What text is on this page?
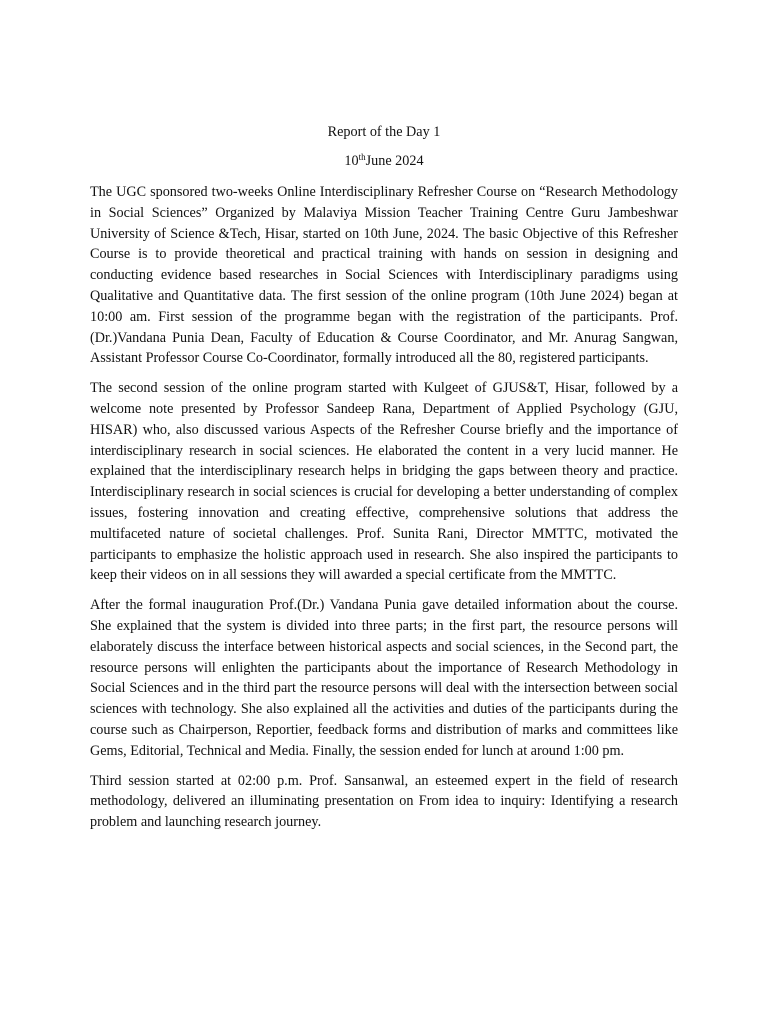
Report of the Day 1

10thJune 2024

The UGC sponsored two-weeks Online Interdisciplinary Refresher Course on “Research Methodology in Social Sciences” Organized by Malaviya Mission Teacher Training Centre Guru Jambeshwar University of Science &Tech, Hisar, started on 10th June, 2024. The basic Objective of this Refresher Course is to provide theoretical and practical training with hands on session in designing and conducting evidence based researches in Social Sciences with Interdisciplinary paradigms using Qualitative and Quantitative data. The first session of the online program (10th June 2024) began at 10:00 am. First session of the programme began with the registration of the participants. Prof. (Dr.)Vandana Punia Dean, Faculty of Education & Course Coordinator, and Mr. Anurag Sangwan, Assistant Professor Course Co-Coordinator, formally introduced all the 80, registered participants.

The second session of the online program started with Kulgeet of GJUS&T, Hisar, followed by a welcome note presented by Professor Sandeep Rana, Department of Applied Psychology (GJU, HISAR) who, also discussed various Aspects of the Refresher Course briefly and the importance of interdisciplinary research in social sciences. He elaborated the content in a very lucid manner. He explained that the interdisciplinary research helps in bridging the gaps between theory and practice. Interdisciplinary research in social sciences is crucial for developing a better understanding of complex issues, fostering innovation and creating effective, comprehensive solutions that address the multifaceted nature of societal challenges. Prof. Sunita Rani, Director MMTTC, motivated the participants to emphasize the holistic approach used in research. She also inspired the participants to keep their videos on in all sessions they will awarded a special certificate from the MMTTC.

After the formal inauguration Prof.(Dr.) Vandana Punia gave detailed information about the course. She explained that the system is divided into three parts; in the first part, the resource persons will elaborately discuss the interface between historical aspects and social sciences, in the Second part, the resource persons will enlighten the participants about the importance of Research Methodology in Social Sciences and in the third part the resource persons will deal with the intersection between social sciences with technology. She also explained all the activities and duties of the participants during the course such as Chairperson, Reportier, feedback forms and distribution of marks and committees like Gems, Editorial, Technical and Media. Finally, the session ended for lunch at around 1:00 pm.

Third session started at 02:00 p.m. Prof. Sansanwal, an esteemed expert in the field of research methodology, delivered an illuminating presentation on From idea to inquiry: Identifying a research problem and launching research journey.
